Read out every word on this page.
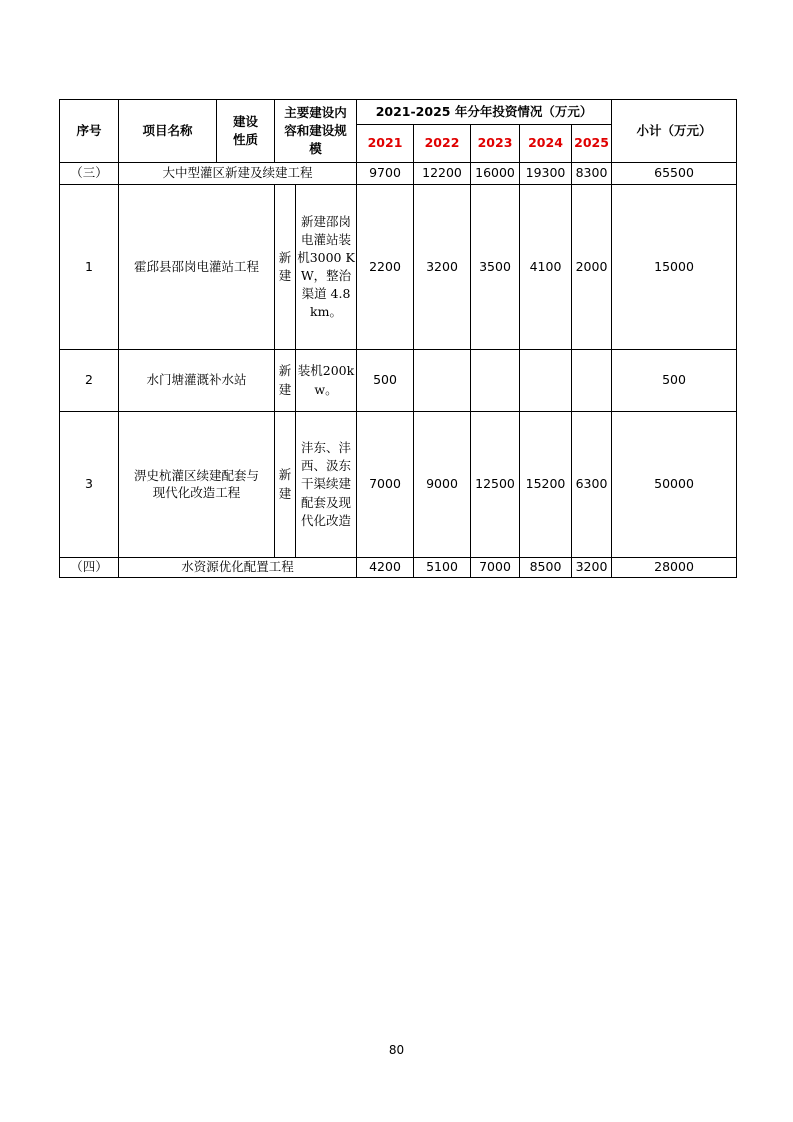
序号	项目名称	建设性质	主要建设内容和建设规模		2021-2025 年分年投资情况（万元）					小计（万元）
					2021	2022	2023	2024	2025	
（三）	大中型灌区新建及续建工程				9700	12200	16000	19300	8300	65500
1	霍邱县邵岗电灌站工程		新建	新建邵岗电灌站装机3000 KW，整治渠道 4.8 km。	2200	3200	3500	4100	2000	15000
2	水门塘灌溉补水站		新建	装机200kw。	500					500
3	淠史杭灌区续建配套与现代化改造工程		新建	沣东、沣西、汲东干渠续建配套及现代化改造	7000	9000	12500	15200	6300	50000
（四）	水资源优化配置工程				4200	5100	7000	8500	3200	28000
80
